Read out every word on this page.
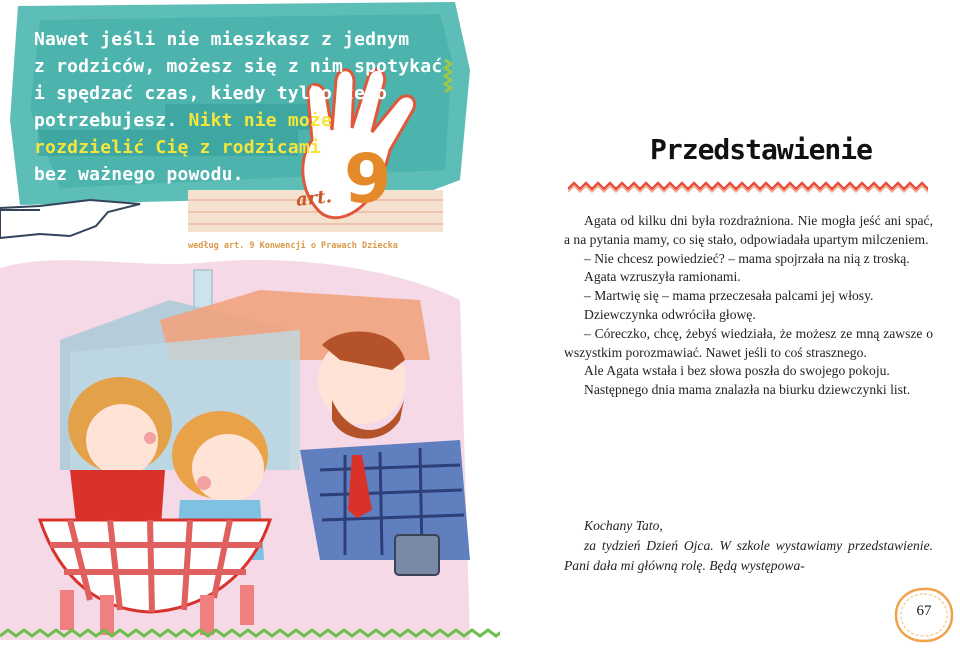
Nawet jeśli nie mieszkasz z jednym
z rodziców, możesz się z nim spotykać
i spędzać czas, kiedy tylko tego
potrzebujesz. Nikt nie może
rozdzielić Cię z rodzicami
bez ważnego powodu.	9
art.
według art. 9 Konwencji o Prawach Dziecka
Przedstawienie

Agata od kilku dni była rozdrażniona. Nie mogła jeść ani spać, a na pytania mamy, co się stało, odpowiadała upartym milczeniem.

– Nie chcesz powiedzieć? – mama spojrzała na nią z troską.

Agata wzruszyła ramionami.

– Martwię się – mama przeczesała palcami jej włosy.

Dziewczynka odwróciła głowę.

– Córeczko, chcę, żebyś wiedziała, że możesz ze mną zawsze o wszystkim porozmawiać. Nawet jeśli to coś strasznego.

Ale Agata wstała i bez słowa poszła do swojego pokoju.

Następnego dnia mama znalazła na biurku dziewczynki list.

Kochany Tato,

za tydzień Dzień Ojca. W szkole wystawiamy przedstawienie. Pani dała mi główną rolę. Będą występowa-

67
